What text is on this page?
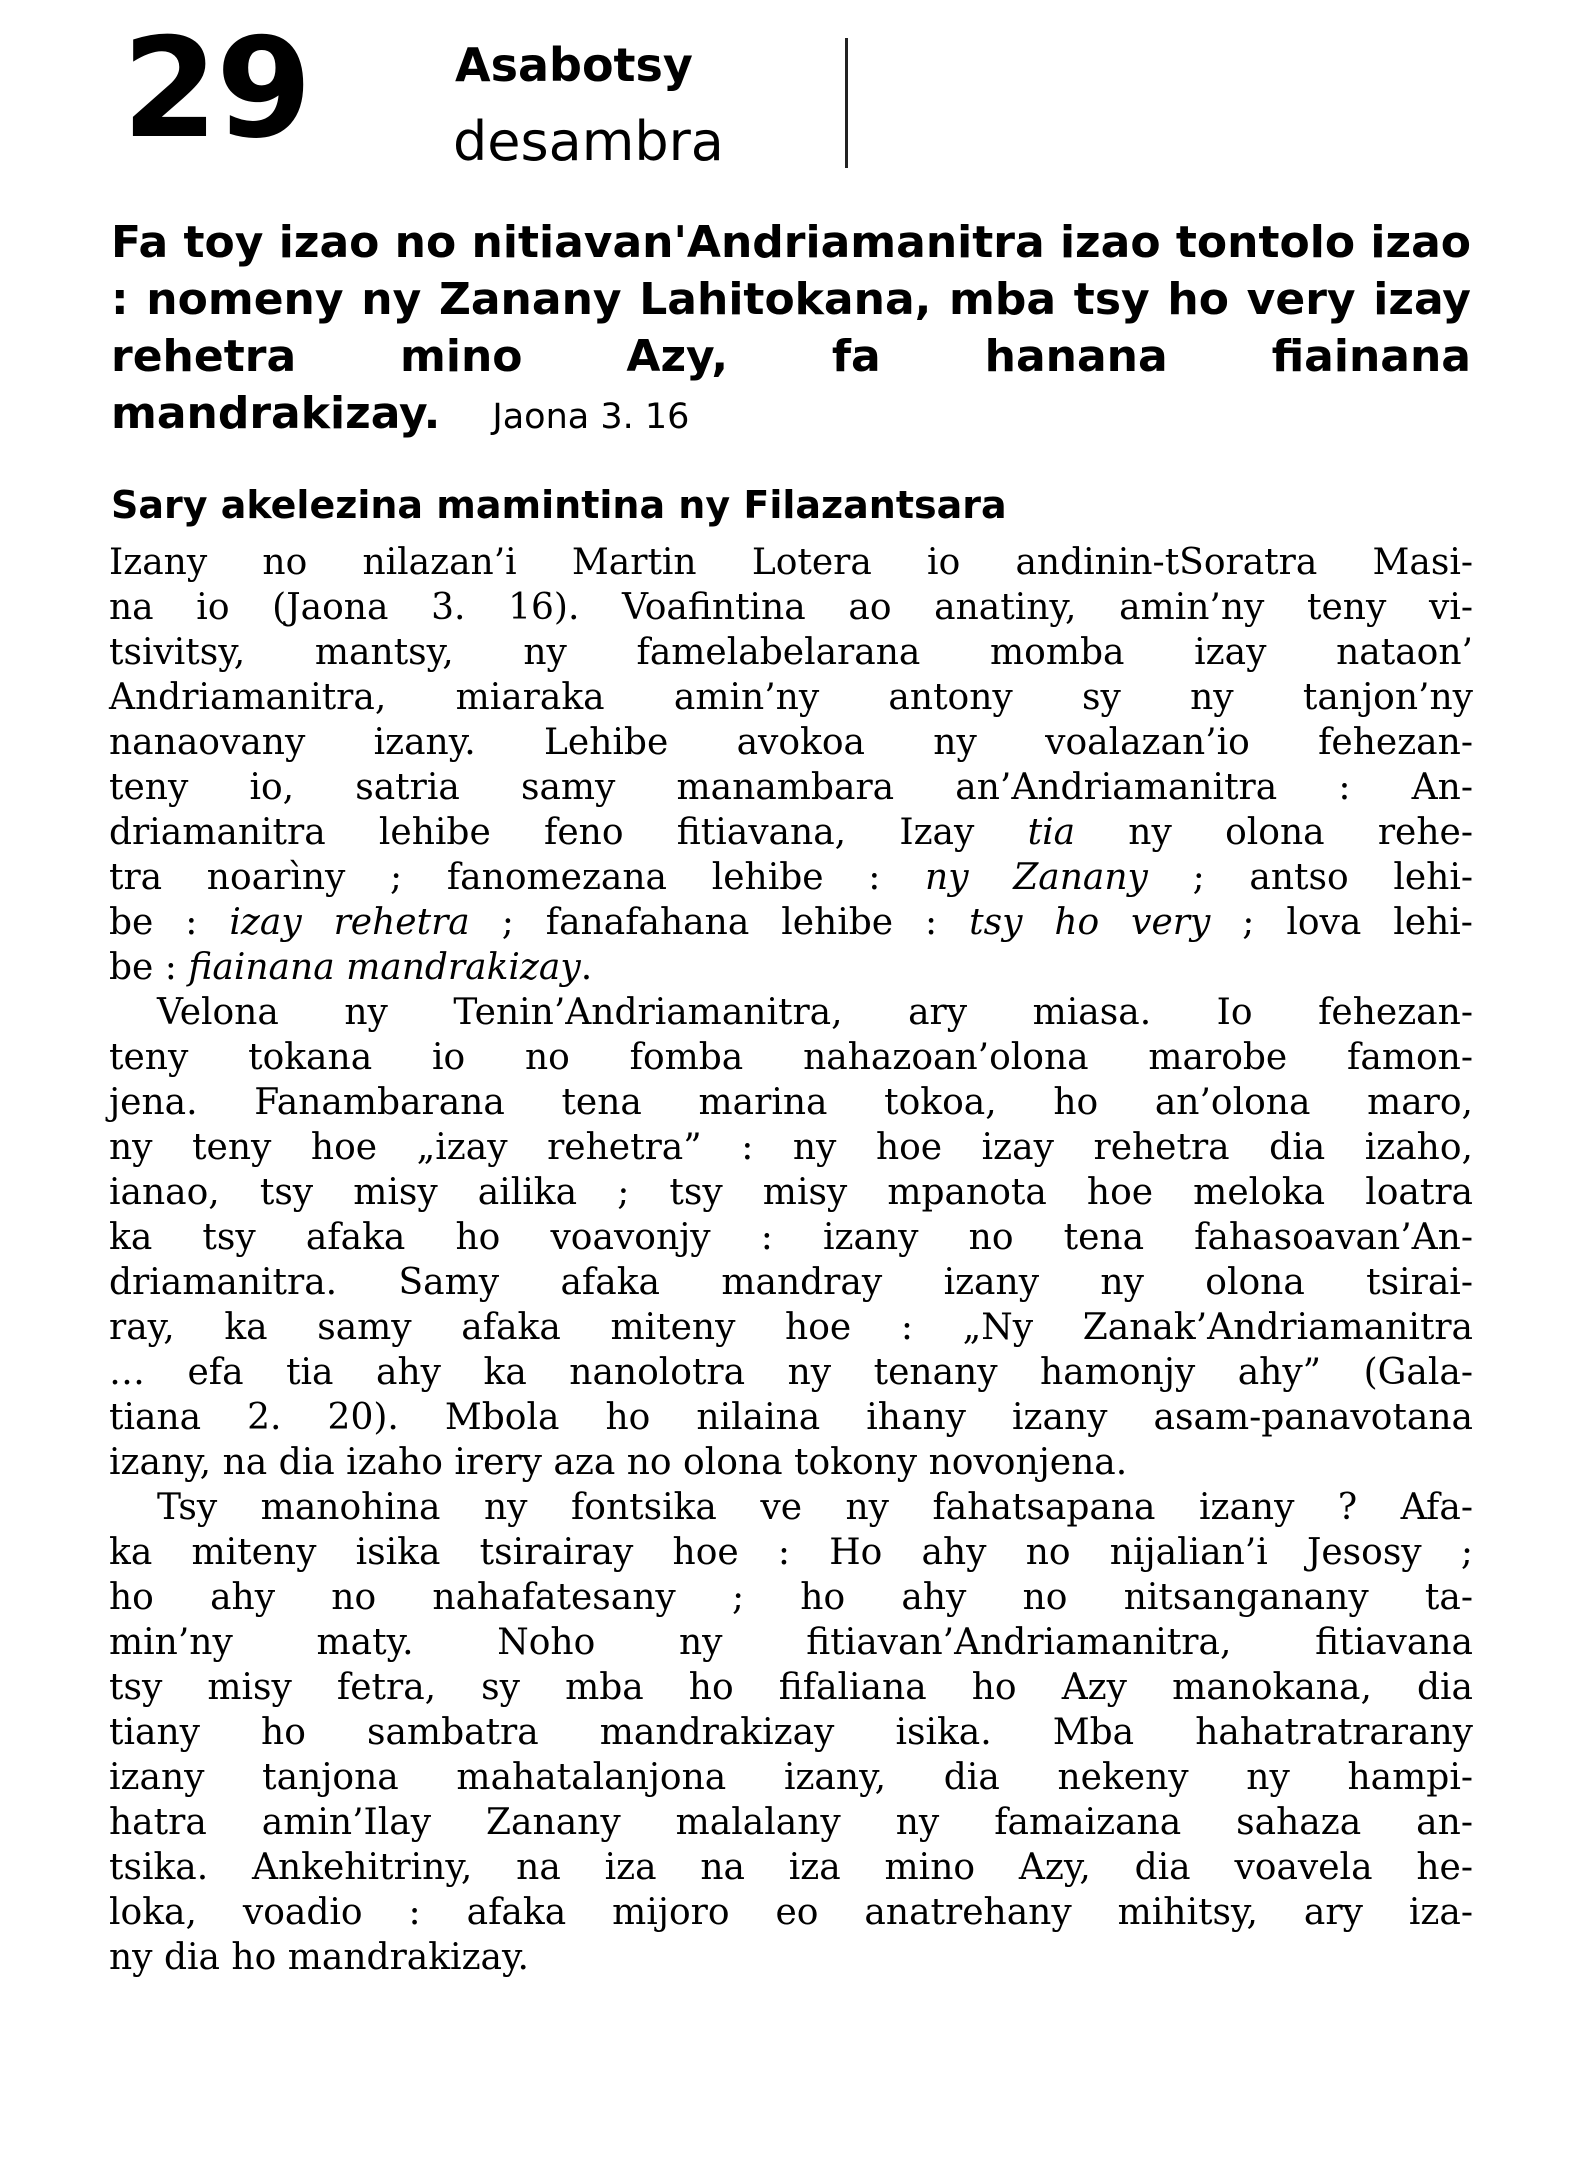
29	Asabotsy
desambra
Fa toy izao no nitiavan'Andriamanitra izao tontolo izao : nomeny ny Zanany Lahitokana, mba tsy ho very izay rehetra mino Azy, fa hanana fiainana mandrakizay. Jaona 3. 16
Sary akelezina mamintina ny Filazantsara

Izany no nilazan’i Martin Lotera io andinin-tSoratra Masi-
na io (Jaona 3. 16). Voafintina ao anatiny, amin’ny teny vi-
tsivitsy, mantsy, ny famelabelarana momba izay nataon’
Andriamanitra, miaraka amin’ny antony sy ny tanjon’ny
nanaovany izany. Lehibe avokoa ny voalazan’io fehezan-
teny io, satria samy manambara an’Andriamanitra : An-
driamanitra lehibe feno fitiavana, Izay tia ny olona rehe-
tra noarìny ; fanomezana lehibe : ny Zanany ; antso lehi-
be : izay rehetra ; fanafahana lehibe : tsy ho very ; lova lehi-
be : fiainana mandrakizay.

Velona ny Tenin’Andriamanitra, ary miasa. Io fehezan-
teny tokana io no fomba nahazoan’olona marobe famon-
jena. Fanambarana tena marina tokoa, ho an’olona maro,
ny teny hoe „izay rehetra” : ny hoe izay rehetra dia izaho,
ianao, tsy misy ailika ; tsy misy mpanota hoe meloka loatra
ka tsy afaka ho voavonjy : izany no tena fahasoavan’An-
driamanitra. Samy afaka mandray izany ny olona tsirai-
ray, ka samy afaka miteny hoe : „Ny Zanak’Andriamanitra
… efa tia ahy ka nanolotra ny tenany hamonjy ahy” (Gala-
tiana 2. 20). Mbola ho nilaina ihany izany asam-panavotana
izany, na dia izaho irery aza no olona tokony novonjena.

Tsy manohina ny fontsika ve ny fahatsapana izany ? Afa-
ka miteny isika tsirairay hoe : Ho ahy no nijalian’i Jesosy ;
ho ahy no nahafatesany ; ho ahy no nitsanganany ta-
min’ny maty. Noho ny fitiavan’Andriamanitra, fitiavana
tsy misy fetra, sy mba ho fifaliana ho Azy manokana, dia
tiany ho sambatra mandrakizay isika. Mba hahatratrarany
izany tanjona mahatalanjona izany, dia nekeny ny hampi-
hatra amin’Ilay Zanany malalany ny famaizana sahaza an-
tsika. Ankehitriny, na iza na iza mino Azy, dia voavela he-
loka, voadio : afaka mijoro eo anatrehany mihitsy, ary iza-
ny dia ho mandrakizay.
